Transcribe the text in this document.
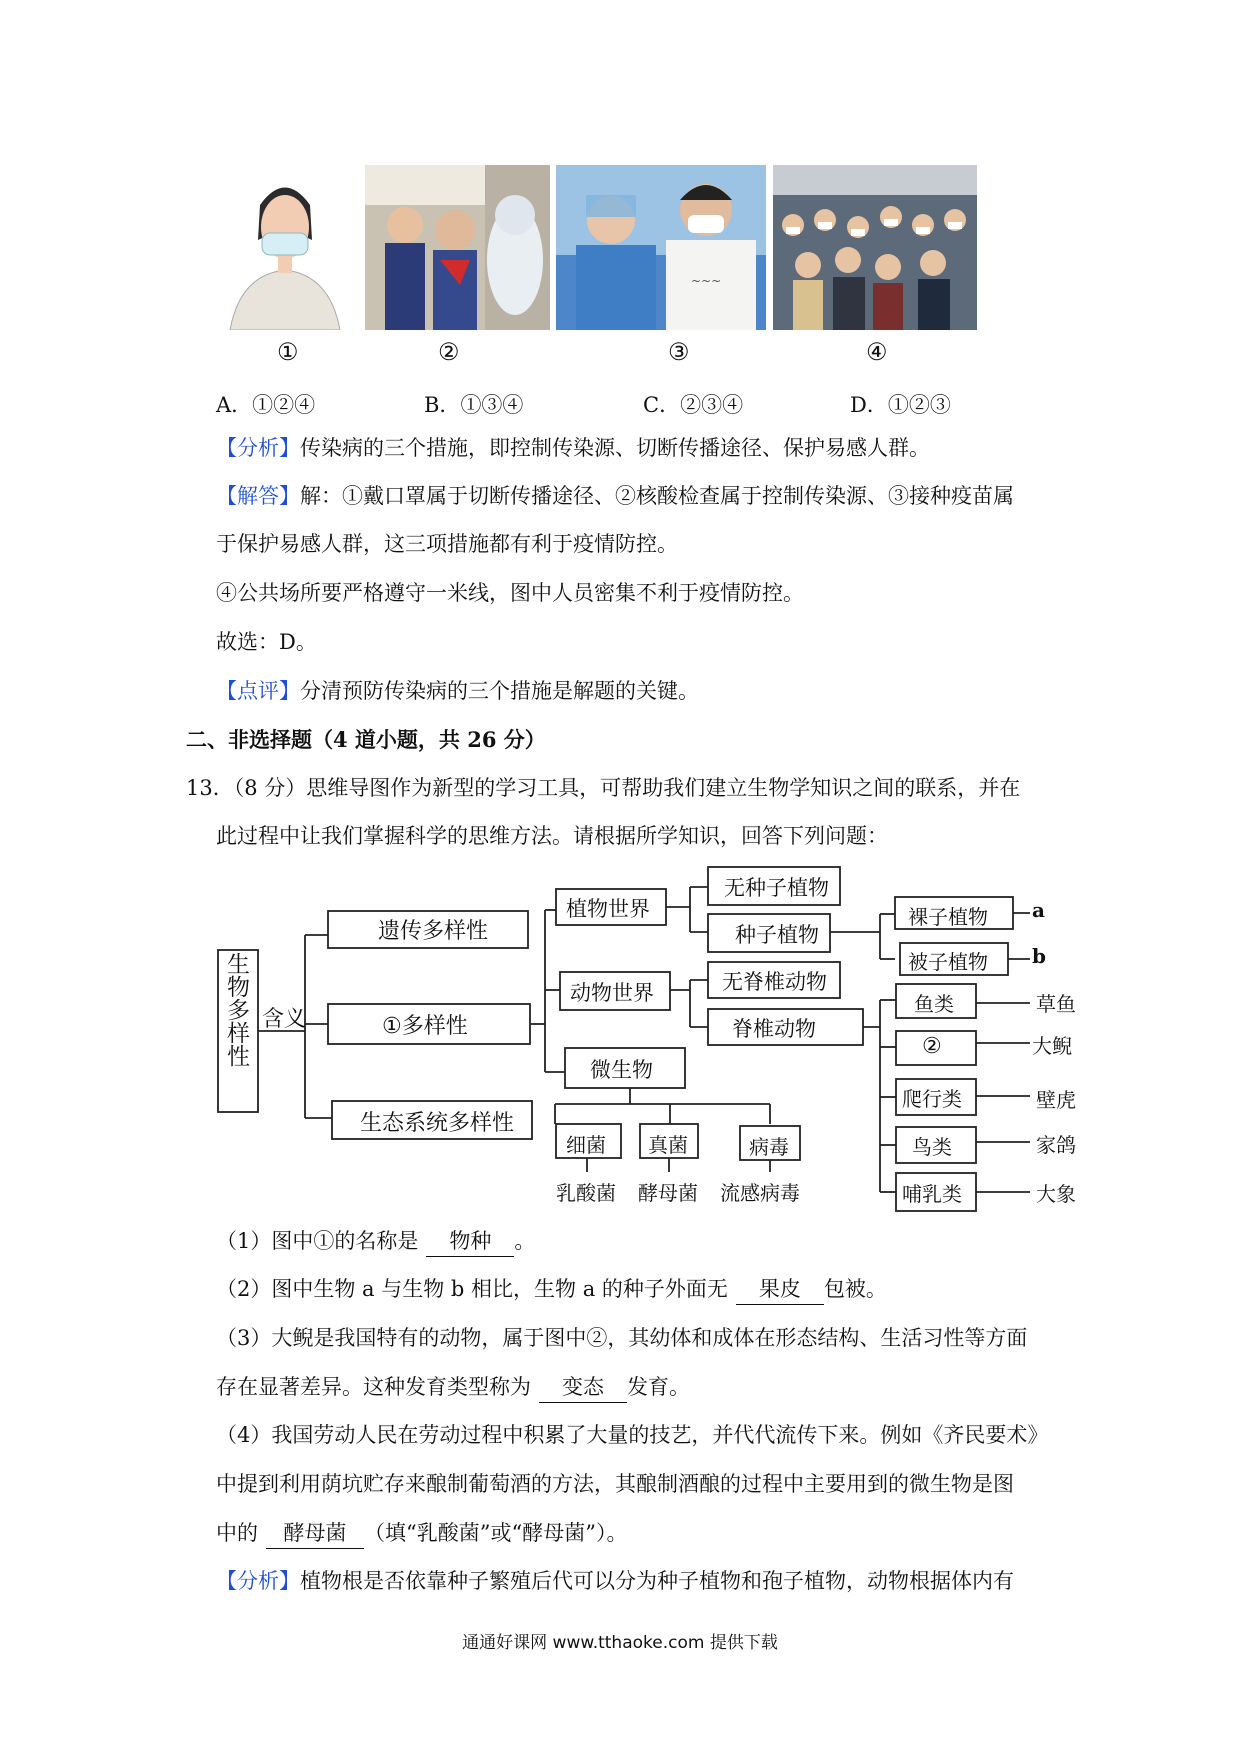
~~~
①	②	③	④
A．①②④	B．①③④	C．②③④	D．①②③
【分析】传染病的三个措施，即控制传染源、切断传播途径、保护易感人群。
【解答】解：①戴口罩属于切断传播途径、②核酸检查属于控制传染源、③接种疫苗属
于保护易感人群，这三项措施都有利于疫情防控。
④公共场所要严格遵守一米线，图中人员密集不利于疫情防控。
故选：D。
【点评】分清预防传染病的三个措施是解题的关键。
二、非选择题（4 道小题，共 26 分）
13．（8 分）思维导图作为新型的学习工具，可帮助我们建立生物学知识之间的联系，并在
此过程中让我们掌握科学的思维方法。请根据所学知识，回答下列问题：
生物多样性 含义
遗传多样性
①多样性
生态系统多样性
植物世界
动物世界
微生物
无种子植物
种子植物
裸子植物
被子植物
a
b
无脊椎动物
脊椎动物
鱼类
②
爬行类
鸟类
哺乳类
草鱼
大鲵
壁虎
家鸽
大象
细菌 真菌	病毒
乳酸菌 酵母菌 流感病毒
（1）图中①的名称是 物种 。
（2）图中生物 a 与生物 b 相比，生物 a 的种子外面无 果皮 包被。
（3）大鲵是我国特有的动物，属于图中②，其幼体和成体在形态结构、生活习性等方面
存在显著差异。这种发育类型称为 变态 发育。
（4）我国劳动人民在劳动过程中积累了大量的技艺，并代代流传下来。例如《齐民要术》
中提到利用荫坑贮存来酿制葡萄酒的方法，其酿制酒酿的过程中主要用到的微生物是图
中的 酵母菌 （填“乳酸菌”或“酵母菌”）。
【分析】植物根是否依靠种子繁殖后代可以分为种子植物和孢子植物，动物根据体内有
通通好课网 www.tthaoke.com 提供下载
